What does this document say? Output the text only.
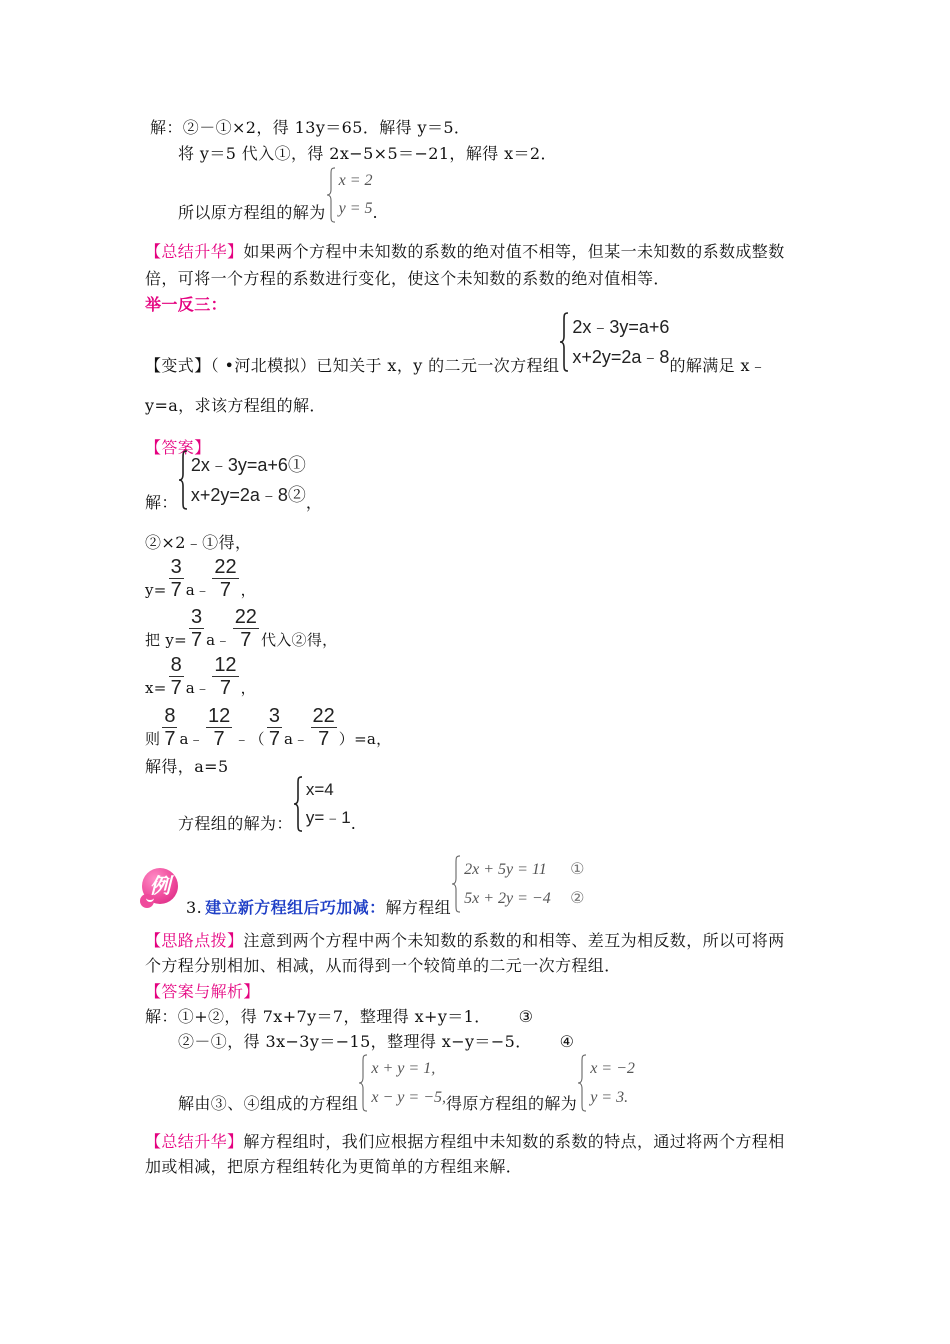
解：②－①×2，得 13y＝65．解得 y＝5．
将 y＝5 代入①，得 2x−5×5＝−21，解得 x＝2．
所以原方程组的解为
x = 2
y = 5 .
【总结升华】如果两个方程中未知数的系数的绝对值不相等，但某一未知数的系数成整数
倍，可将一个方程的系数进行变化，使这个未知数的系数的绝对值相等．
举一反三：
【变式】（ •河北模拟）已知关于 x，y 的二元一次方程组
2x﹣3y=a+6
x+2y=2a﹣8 的解满足 x﹣
y=a，求该方程组的解．
【答案】
解：
2x﹣3y=a+6①
x+2y=2a﹣8② ，
②×2﹣①得，
$y= \frac{3}{7}$ a﹣ $\frac{22}{7}$ ，
把 $y= \frac{3}{7}$ a﹣ $\frac{22}{7}$ 代入②得，
$x= \frac{8}{7}$ a﹣ $\frac{12}{7}$ ，
则 $\frac{8}{7}$ a﹣ $\frac{12}{7}$ ﹣（ $\frac{3}{7}$ a﹣ $\frac{22}{7} )=a$，
解得，a=5
方程组的解为：
x=4
y=﹣1 .
例
3. 建立新方程组后巧加减：解方程组
2x + 5y = 11 ①
5x + 2y = −4 ②
【思路点拨】注意到两个方程中两个未知数的系数的和相等、差互为相反数，所以可将两
个方程分别相加、相减，从而得到一个较简单的二元一次方程组．
【答案与解析】
解：①+②，得 7x+7y＝7，整理得 x+y＝1． ③
②－①，得 3x−3y＝−15，整理得 x−y＝−5． ④
解由③、④组成的方程组
x + y = 1,
x − y = −5, 得原方程组的解为
x = −2
y = 3.
【总结升华】解方程组时，我们应根据方程组中未知数的系数的特点，通过将两个方程相
加或相减，把原方程组转化为更简单的方程组来解．
